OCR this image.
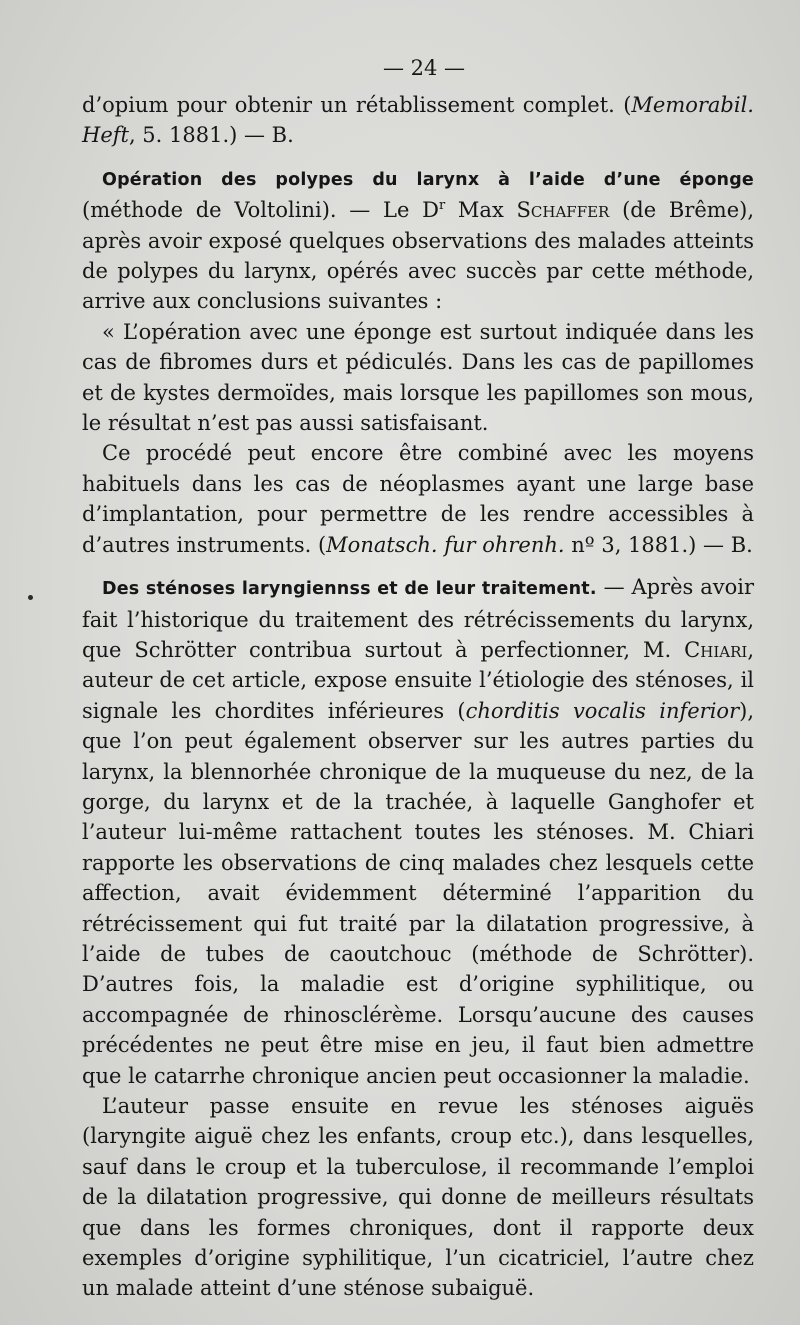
— 24 —

d’opium pour obtenir un rétablissement complet. (Memorabil. Heft, 5. 1881.) — B.

Opération des polypes du larynx à l’aide d’une éponge (méthode de Voltolini). — Le $D^r$ Max Schaffer (de Brême), après avoir exposé quelques observations des malades atteints de polypes du larynx, opérés avec succès par cette méthode, arrive aux conclusions suivantes :

« L’opération avec une éponge est surtout indiquée dans les cas de fibromes durs et pédiculés. Dans les cas de papillomes et de kystes dermoïdes, mais lorsque les papillomes son mous, le résultat n’est pas aussi satisfaisant.

Ce procédé peut encore être combiné avec les moyens habituels dans les cas de néoplasmes ayant une large base d’implantation, pour permettre de les rendre accessibles à d’autres instruments. (Monatsch. fur ohrenh. nº 3, 1881.) — B.

Des sténoses laryngiennss et de leur traitement. — Après avoir fait l’historique du traitement des rétrécissements du larynx, que Schrötter contribua surtout à perfectionner, M. Chiari, auteur de cet article, expose ensuite l’étiologie des sténoses, il signale les chordites inférieures (chorditis vocalis inferior), que l’on peut également observer sur les autres parties du larynx, la blennorhée chronique de la muqueuse du nez, de la gorge, du larynx et de la trachée, à laquelle Ganghofer et l’auteur lui-même rattachent toutes les sténoses. M. Chiari rapporte les observations de cinq malades chez lesquels cette affection, avait évidemment déterminé l’apparition du rétrécissement qui fut traité par la dilatation progressive, à l’aide de tubes de caoutchouc (méthode de Schrötter). D’autres fois, la maladie est d’origine syphilitique, ou accompagnée de rhinosclérème. Lorsqu’aucune des causes précédentes ne peut être mise en jeu, il faut bien admettre que le catarrhe chronique ancien peut occasionner la maladie.

L’auteur passe ensuite en revue les sténoses aiguës (laryngite aiguë chez les enfants, croup etc.), dans lesquelles, sauf dans le croup et la tuberculose, il recommande l’emploi de la dilatation progressive, qui donne de meilleurs résultats que dans les formes chroniques, dont il rapporte deux exemples d’origine syphilitique, l’un cicatriciel, l’autre chez un malade atteint d’une sténose subaiguë.
